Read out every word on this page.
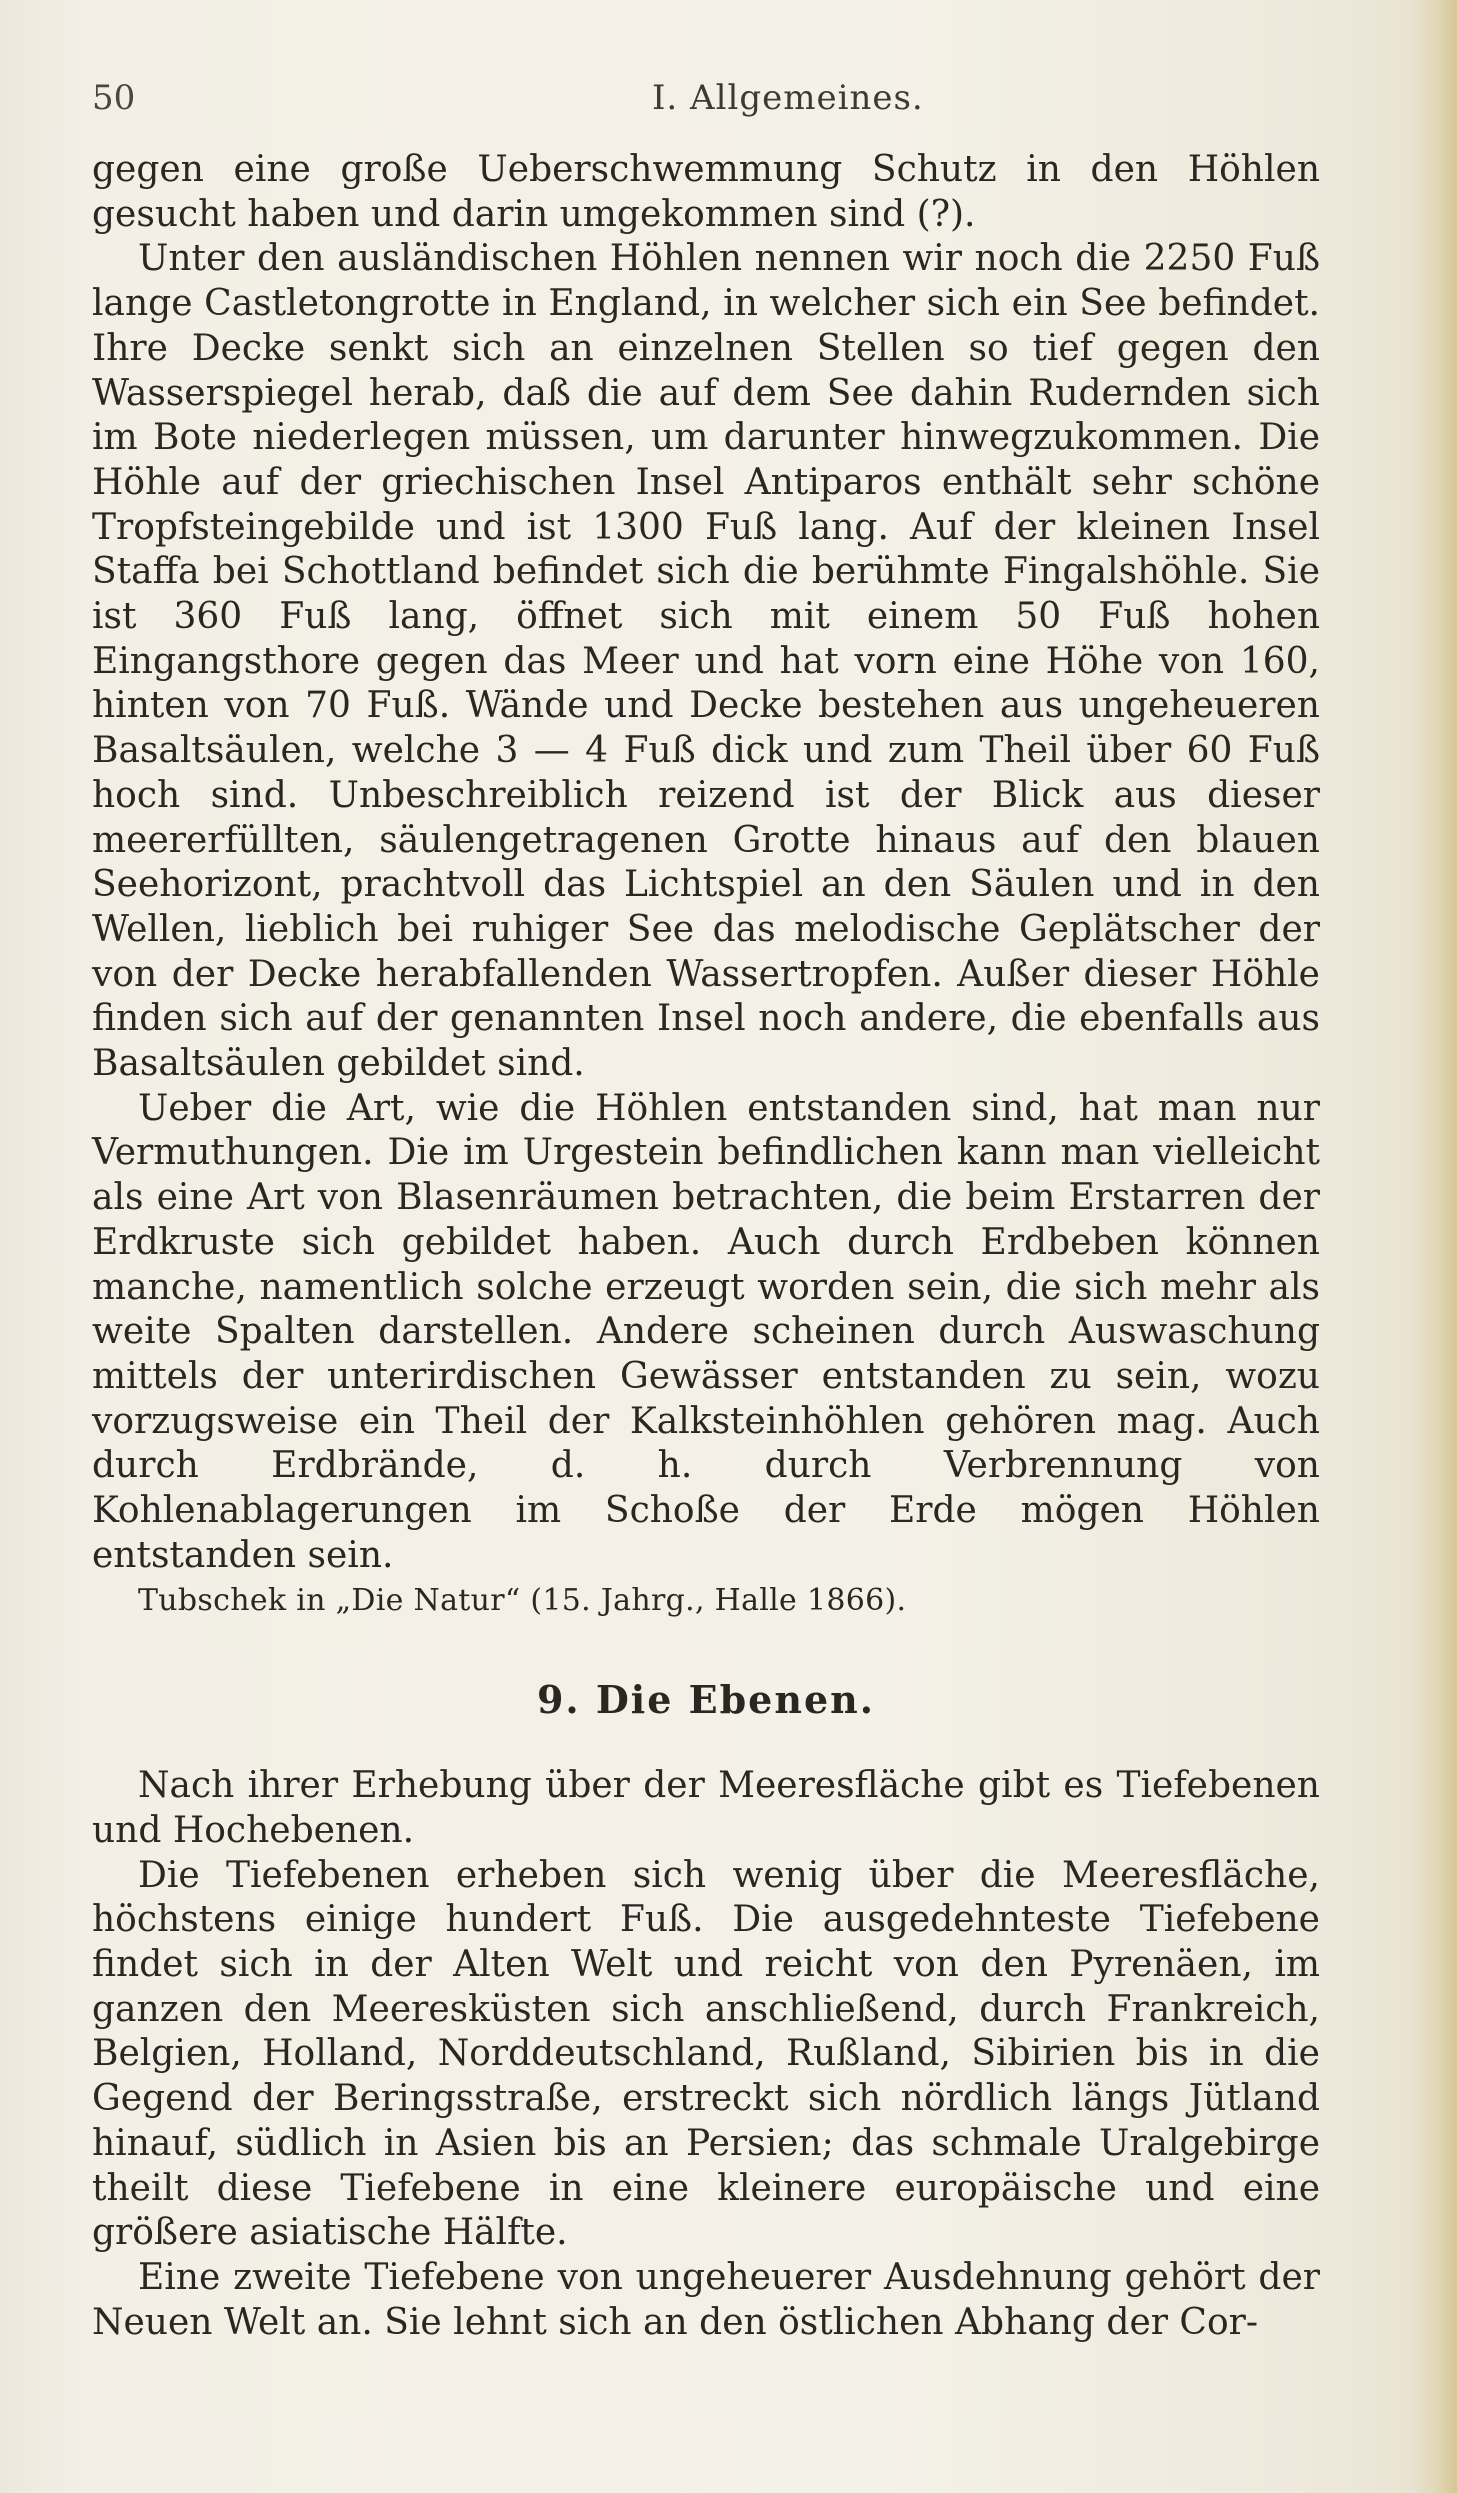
50	I. Allgemeines.

gegen eine große Ueberschwemmung Schutz in den Höhlen gesucht haben und darin umgekommen sind (?).

Unter den ausländischen Höhlen nennen wir noch die 2250 Fuß lange Castletongrotte in England, in welcher sich ein See befindet. Ihre Decke senkt sich an einzelnen Stellen so tief gegen den Wasserspiegel herab, daß die auf dem See dahin Rudernden sich im Bote niederlegen müssen, um darunter hinwegzukommen. Die Höhle auf der griechischen Insel Antiparos enthält sehr schöne Tropfsteingebilde und ist 1300 Fuß lang. Auf der kleinen Insel Staffa bei Schottland befindet sich die berühmte Fingalshöhle. Sie ist 360 Fuß lang, öffnet sich mit einem 50 Fuß hohen Eingangsthore gegen das Meer und hat vorn eine Höhe von 160, hinten von 70 Fuß. Wände und Decke bestehen aus ungeheueren Basaltsäulen, welche 3 — 4 Fuß dick und zum Theil über 60 Fuß hoch sind. Unbeschreiblich reizend ist der Blick aus dieser meererfüllten, säulengetragenen Grotte hinaus auf den blauen Seehorizont, prachtvoll das Lichtspiel an den Säulen und in den Wellen, lieblich bei ruhiger See das melodische Geplätscher der von der Decke herabfallenden Wassertropfen. Außer dieser Höhle finden sich auf der genannten Insel noch andere, die ebenfalls aus Basaltsäulen gebildet sind.

Ueber die Art, wie die Höhlen entstanden sind, hat man nur Vermuthungen. Die im Urgestein befindlichen kann man vielleicht als eine Art von Blasenräumen betrachten, die beim Erstarren der Erdkruste sich gebildet haben. Auch durch Erdbeben können manche, namentlich solche erzeugt worden sein, die sich mehr als weite Spalten darstellen. Andere scheinen durch Auswaschung mittels der unterirdischen Gewässer entstanden zu sein, wozu vorzugsweise ein Theil der Kalksteinhöhlen gehören mag. Auch durch Erdbrände, d. h. durch Verbrennung von Kohlenablagerungen im Schoße der Erde mögen Höhlen entstanden sein.

Tubschek in „Die Natur“ (15. Jahrg., Halle 1866).

9. Die Ebenen.

Nach ihrer Erhebung über der Meeresfläche gibt es Tiefebenen und Hochebenen.

Die Tiefebenen erheben sich wenig über die Meeresfläche, höchstens einige hundert Fuß. Die ausgedehnteste Tiefebene findet sich in der Alten Welt und reicht von den Pyrenäen, im ganzen den Meeresküsten sich anschließend, durch Frankreich, Belgien, Holland, Norddeutschland, Rußland, Sibirien bis in die Gegend der Beringsstraße, erstreckt sich nördlich längs Jütland hinauf, südlich in Asien bis an Persien; das schmale Uralgebirge theilt diese Tiefebene in eine kleinere europäische und eine größere asiatische Hälfte.

Eine zweite Tiefebene von ungeheuerer Ausdehnung gehört der Neuen Welt an. Sie lehnt sich an den östlichen Abhang der Cor-
